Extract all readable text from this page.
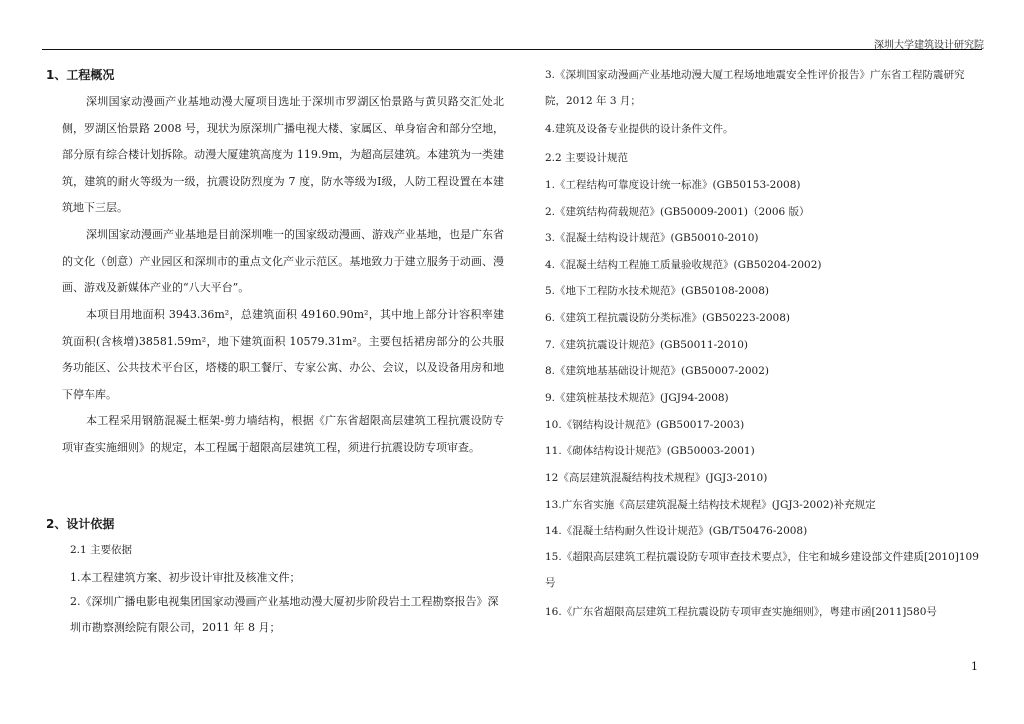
深圳大学建筑设计研究院
1、工程概况

深圳国家动漫画产业基地动漫大厦项目选址于深圳市罗湖区怡景路与黄贝路交汇处北侧，罗湖区怡景路 2008 号，现状为原深圳广播电视大楼、家属区、单身宿舍和部分空地，部分原有综合楼计划拆除。动漫大厦建筑高度为 119.9m，为超高层建筑。本建筑为一类建筑，建筑的耐火等级为一级，抗震设防烈度为 7 度，防水等级为Ⅰ级，人防工程设置在本建筑地下三层。

深圳国家动漫画产业基地是目前深圳唯一的国家级动漫画、游戏产业基地，也是广东省的文化（创意）产业园区和深圳市的重点文化产业示范区。基地致力于建立服务于动画、漫画、游戏及新媒体产业的“八大平台”。

本项目用地面积 3943.36m²，总建筑面积 49160.90m²，其中地上部分计容积率建筑面积(含核增)38581.59m²，地下建筑面积 10579.31m²。主要包括裙房部分的公共服务功能区、公共技术平台区，塔楼的职工餐厅、专家公寓、办公、会议，以及设备用房和地下停车库。

本工程采用钢筋混凝土框架-剪力墙结构，根据《广东省超限高层建筑工程抗震设防专项审查实施细则》的规定，本工程属于超限高层建筑工程，须进行抗震设防专项审查。

2、设计依据
2.1 主要依据
1.本工程建筑方案、初步设计审批及核准文件；
2.《深圳广播电影电视集团国家动漫画产业基地动漫大厦初步阶段岩土工程勘察报告》深圳市勘察测绘院有限公司，2011 年 8 月；
3.《深圳国家动漫画产业基地动漫大厦工程场地地震安全性评价报告》广东省工程防震研究院，2012 年 3 月；
4.建筑及设备专业提供的设计条件文件。
2.2 主要设计规范
1.《工程结构可靠度设计统一标准》(GB50153-2008)
2.《建筑结构荷载规范》(GB50009-2001)（2006 版）
3.《混凝土结构设计规范》(GB50010-2010)
4.《混凝土结构工程施工质量验收规范》(GB50204-2002)
5.《地下工程防水技术规范》(GB50108-2008)
6.《建筑工程抗震设防分类标准》(GB50223-2008)
7.《建筑抗震设计规范》(GB50011-2010)
8.《建筑地基基础设计规范》(GB50007-2002)
9.《建筑桩基技术规范》(JGJ94-2008)
10.《钢结构设计规范》(GB50017-2003)
11.《砌体结构设计规范》(GB50003-2001)
12《高层建筑混凝结构技术规程》(JGJ3-2010)
13.广东省实施《高层建筑混凝土结构技术规程》(JGJ3-2002)补充规定
14.《混凝土结构耐久性设计规范》(GB/T50476-2008)
15.《超限高层建筑工程抗震设防专项审查技术要点》，住宅和城乡建设部文件建质[2010]109 号
16.《广东省超限高层建筑工程抗震设防专项审查实施细则》，粤建市函[2011]580号
1
